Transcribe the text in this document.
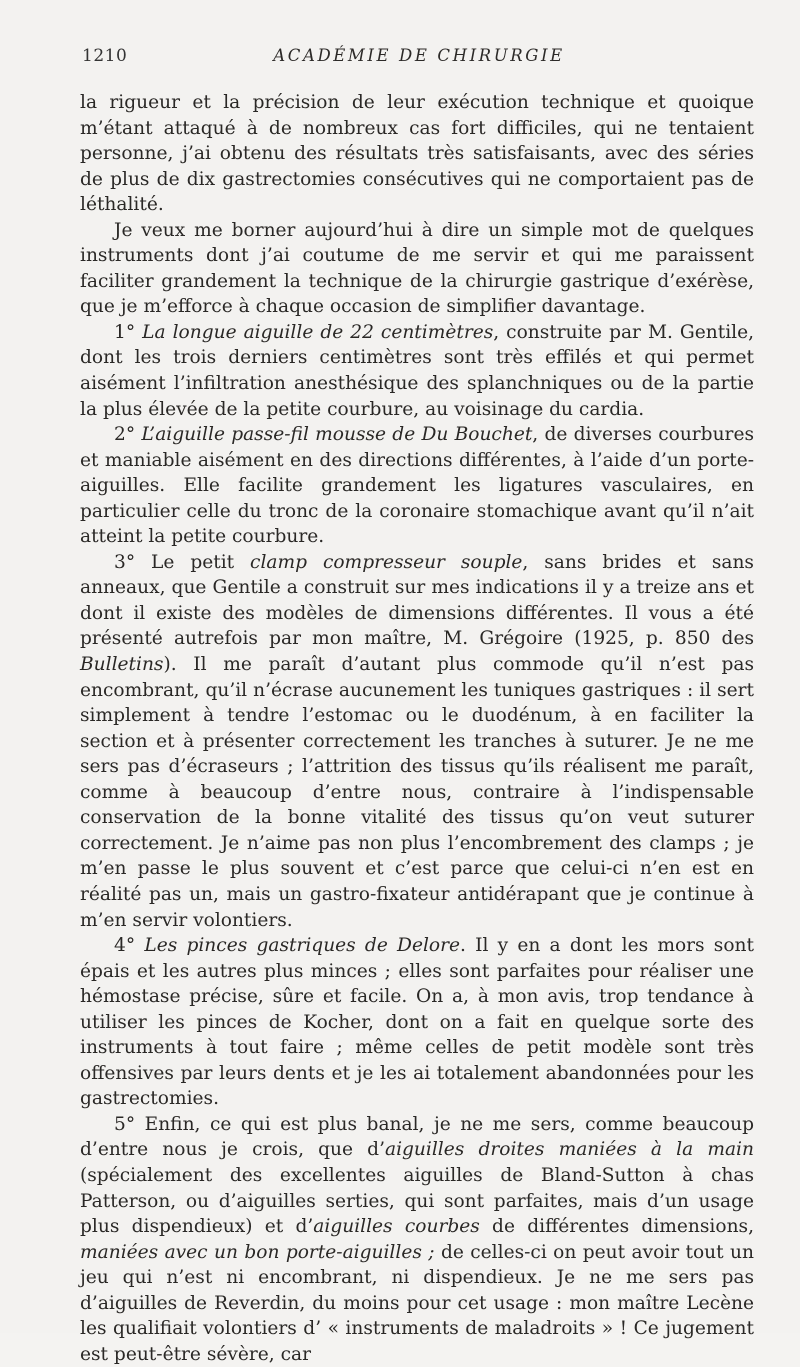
1210	ACADÉMIE DE CHIRURGIE

la rigueur et la précision de leur exécution technique et quoique m’étant attaqué à de nombreux cas fort difficiles, qui ne tentaient personne, j’ai obtenu des résultats très satisfaisants, avec des séries de plus de dix gastrectomies consécutives qui ne comportaient pas de léthalité.

Je veux me borner aujourd’hui à dire un simple mot de quelques instruments dont j’ai coutume de me servir et qui me paraissent faciliter grandement la technique de la chirurgie gastrique d’exérèse, que je m’efforce à chaque occasion de simplifier davantage.

1° La longue aiguille de 22 centimètres, construite par M. Gentile, dont les trois derniers centimètres sont très effilés et qui permet aisément l’infiltration anesthésique des splanchniques ou de la partie la plus élevée de la petite courbure, au voisinage du cardia.

2° L’aiguille passe-fil mousse de Du Bouchet, de diverses courbures et maniable aisément en des directions différentes, à l’aide d’un porte-aiguilles. Elle facilite grandement les ligatures vasculaires, en particulier celle du tronc de la coronaire stomachique avant qu’il n’ait atteint la petite courbure.

3° Le petit clamp compresseur souple, sans brides et sans anneaux, que Gentile a construit sur mes indications il y a treize ans et dont il existe des modèles de dimensions différentes. Il vous a été présenté autrefois par mon maître, M. Grégoire (1925, p. 850 des Bulletins). Il me paraît d’autant plus commode qu’il n’est pas encombrant, qu’il n’écrase aucunement les tuniques gastriques : il sert simplement à tendre l’estomac ou le duodénum, à en faciliter la section et à présenter correctement les tranches à suturer. Je ne me sers pas d’écraseurs ; l’attrition des tissus qu’ils réalisent me paraît, comme à beaucoup d’entre nous, contraire à l’indispensable conservation de la bonne vitalité des tissus qu’on veut suturer correctement. Je n’aime pas non plus l’encombrement des clamps ; je m’en passe le plus souvent et c’est parce que celui-ci n’en est en réalité pas un, mais un gastro-fixateur antidérapant que je continue à m’en servir volontiers.

4° Les pinces gastriques de Delore. Il y en a dont les mors sont épais et les autres plus minces ; elles sont parfaites pour réaliser une hémostase précise, sûre et facile. On a, à mon avis, trop tendance à utiliser les pinces de Kocher, dont on a fait en quelque sorte des instruments à tout faire ; même celles de petit modèle sont très offensives par leurs dents et je les ai totalement abandonnées pour les gastrectomies.

5° Enfin, ce qui est plus banal, je ne me sers, comme beaucoup d’entre nous je crois, que d’aiguilles droites maniées à la main (spécialement des excellentes aiguilles de Bland-Sutton à chas Patterson, ou d’aiguilles serties, qui sont parfaites, mais d’un usage plus dispendieux) et d’aiguilles courbes de différentes dimensions, maniées avec un bon porte-aiguilles ; de celles-ci on peut avoir tout un jeu qui n’est ni encombrant, ni dispendieux. Je ne me sers pas d’aiguilles de Reverdin, du moins pour cet usage : mon maître Lecène les qualifiait volontiers d’ « instruments de maladroits » ! Ce jugement est peut-être sévère, car
